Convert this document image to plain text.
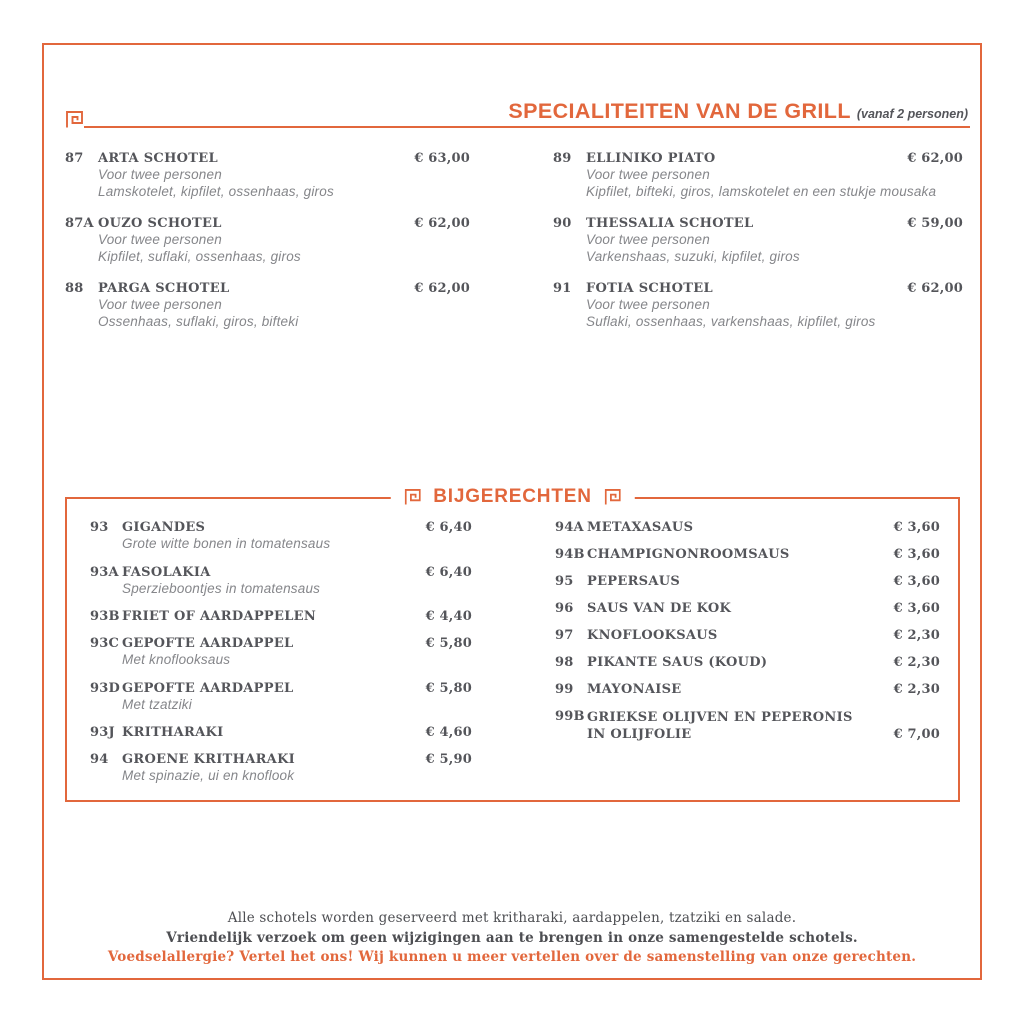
SPECIALITEITEN VAN DE GRILL (vanaf 2 personen)
87	ARTA SCHOTEL	€ 63,00
Voor twee personen
Lamskotelet, kipfilet, ossenhaas, giros
87A OUZO SCHOTEL	€ 62,00
Voor twee personen
Kipfilet, suflaki, ossenhaas, giros
88	PARGA SCHOTEL	€ 62,00
Voor twee personen
Ossenhaas, suflaki, giros, bifteki
89	ELLINIKO PIATO	€ 62,00
Voor twee personen
Kipfilet, bifteki, giros, lamskotelet en een stukje mousaka
90	THESSALIA SCHOTEL	€ 59,00
Voor twee personen
Varkenshaas, suzuki, kipfilet, giros
91	FOTIA SCHOTEL	€ 62,00
Voor twee personen
Suflaki, ossenhaas, varkenshaas, kipfilet, giros
BIJGERECHTEN
93	GIGANDES	€ 6,40
Grote witte bonen in tomatensaus
93A FASOLAKIA	€ 6,40
Sperzieboontjes in tomatensaus
93B FRIET OF AARDAPPELEN	€ 4,40
93C GEPOFTE AARDAPPEL	€ 5,80
Met knoflooksaus
93D GEPOFTE AARDAPPEL	€ 5,80
Met tzatziki
93J KRITHARAKI	€ 4,60
94	GROENE KRITHARAKI	€ 5,90
Met spinazie, ui en knoflook
94A METAXASAUS	€ 3,60
94B CHAMPIGNONROOMSAUS	€ 3,60
95	PEPERSAUS	€ 3,60
96	SAUS VAN DE KOK	€ 3,60
97	KNOFLOOKSAUS	€ 2,30
98	PIKANTE SAUS (KOUD)	€ 2,30
99	MAYONAISE	€ 2,30
99B GRIEKSE OLIJVEN EN PEPERONIS
IN OLIJFOLIE	€ 7,00
Alle schotels worden geserveerd met kritharaki, aardappelen, tzatziki en salade.
Vriendelijk verzoek om geen wijzigingen aan te brengen in onze samengestelde schotels.
Voedselallergie? Vertel het ons! Wij kunnen u meer vertellen over de samenstelling van onze gerechten.
